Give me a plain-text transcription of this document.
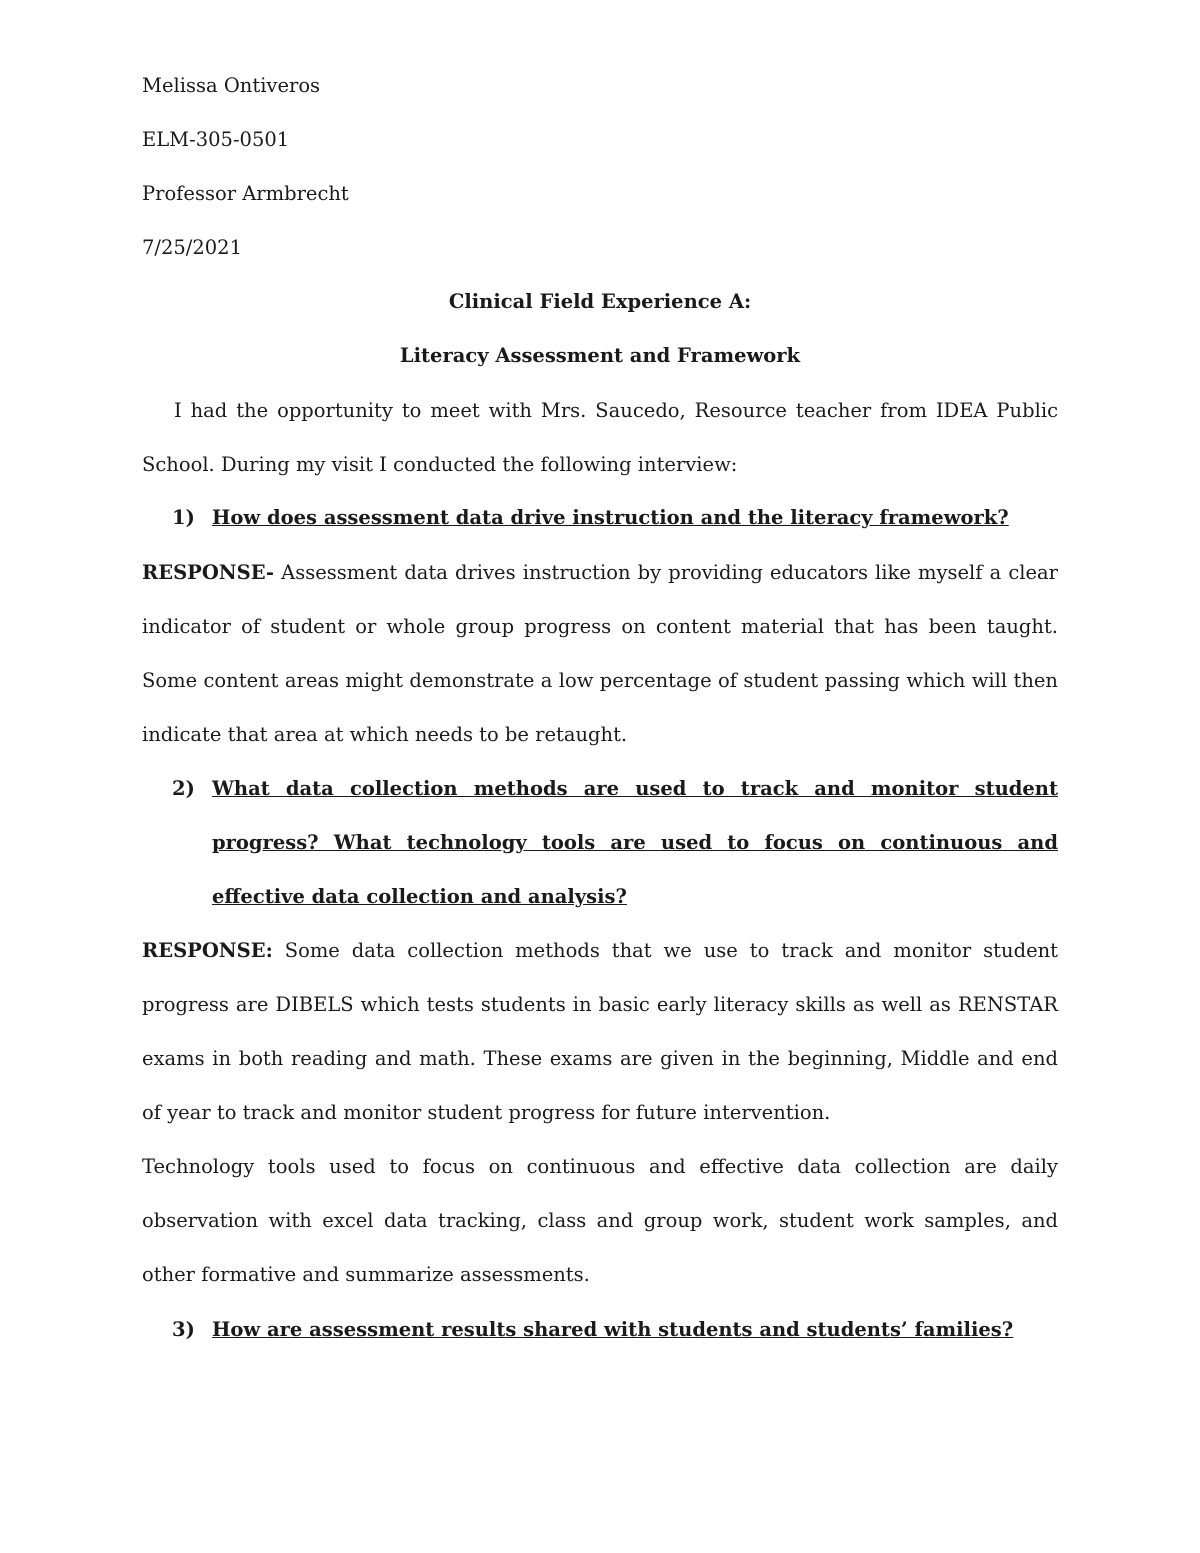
Melissa Ontiveros

ELM-305-0501

Professor Armbrecht

7/25/2021

Clinical Field Experience A:

Literacy Assessment and Framework

I had the opportunity to meet with Mrs. Saucedo, Resource teacher from IDEA Public School. During my visit I conducted the following interview:

1) How does assessment data drive instruction and the literacy framework?

RESPONSE- Assessment data drives instruction by providing educators like myself a clear indicator of student or whole group progress on content material that has been taught. Some content areas might demonstrate a low percentage of student passing which will then indicate that area at which needs to be retaught.

2) What data collection methods are used to track and monitor student progress? What technology tools are used to focus on continuous and effective data collection and analysis?

RESPONSE: Some data collection methods that we use to track and monitor student progress are DIBELS which tests students in basic early literacy skills as well as RENSTAR exams in both reading and math. These exams are given in the beginning, Middle and end of year to track and monitor student progress for future intervention.

Technology tools used to focus on continuous and effective data collection are daily observation with excel data tracking, class and group work, student work samples, and other formative and summarize assessments.

3) How are assessment results shared with students and students’ families?
